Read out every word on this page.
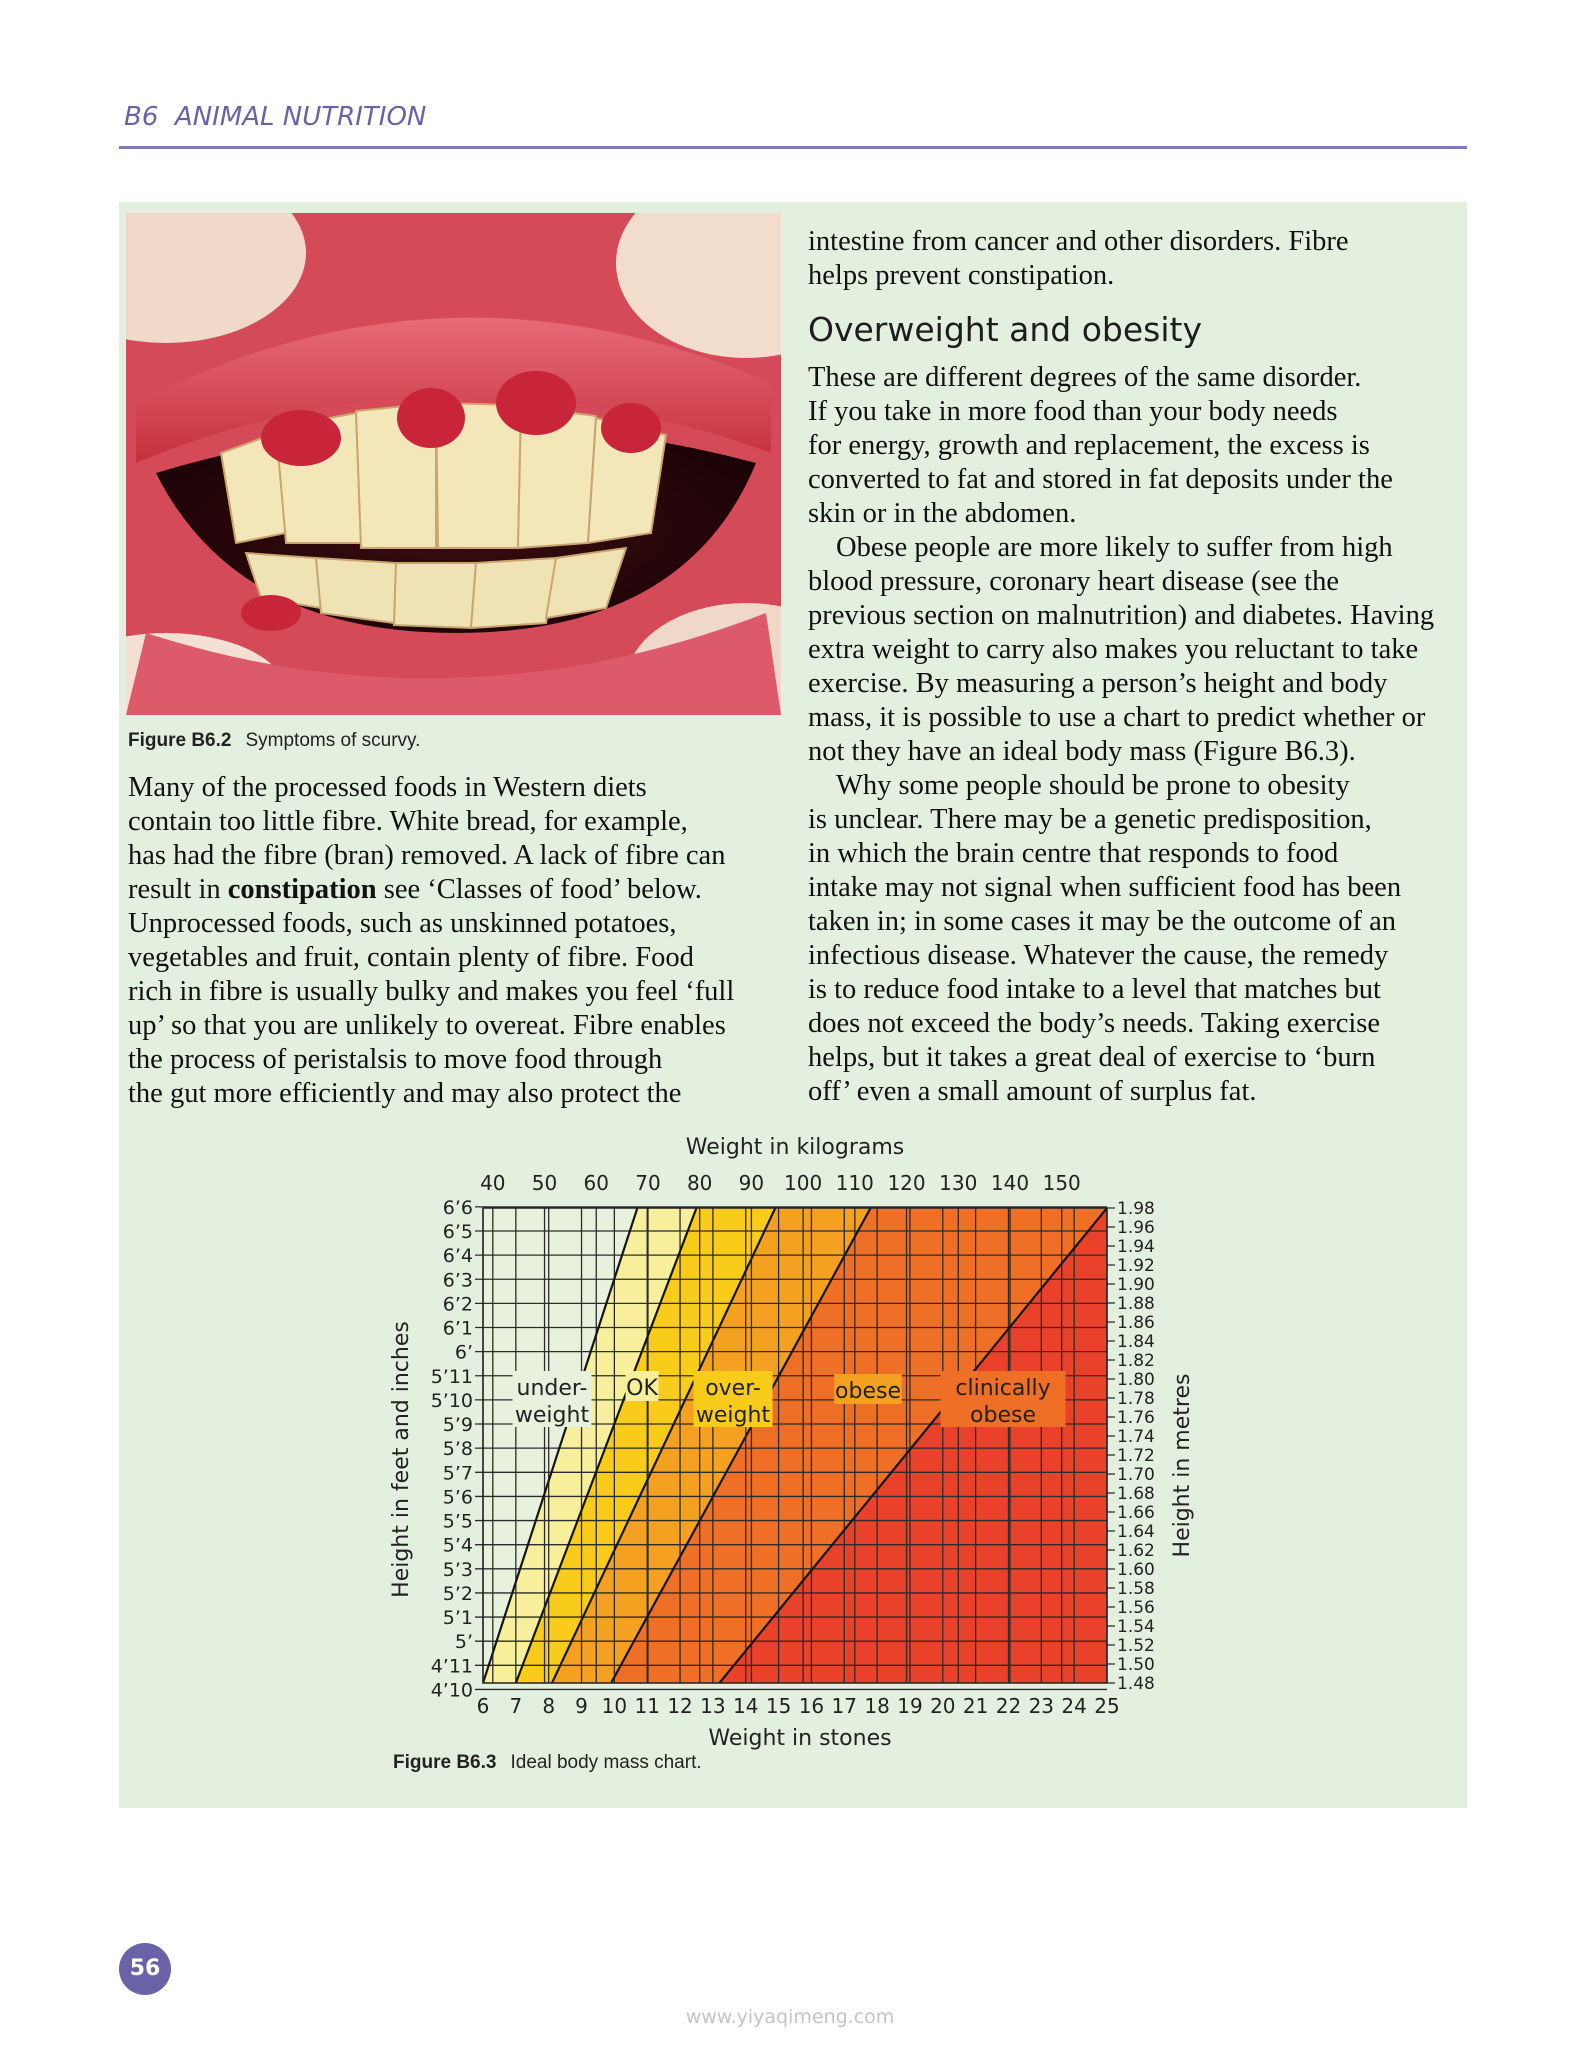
B6 ANIMAL NUTRITION
Figure B6.2 Symptoms of scurvy.
Many of the processed foods in Western diets
contain too little fibre. White bread, for example,
has had the fibre (bran) removed. A lack of fibre can
result in constipation see ‘Classes of food’ below.
Unprocessed foods, such as unskinned potatoes,
vegetables and fruit, contain plenty of fibre. Food
rich in fibre is usually bulky and makes you feel ‘full
up’ so that you are unlikely to overeat. Fibre enables
the process of peristalsis to move food through
the gut more efficiently and may also protect the
intestine from cancer and other disorders. Fibre
helps prevent constipation.
Overweight and obesity
These are different degrees of the same disorder.
If you take in more food than your body needs
for energy, growth and replacement, the excess is
converted to fat and stored in fat deposits under the
skin or in the abdomen.
Obese people are more likely to suffer from high
blood pressure, coronary heart disease (see the
previous section on malnutrition) and diabetes. Having
extra weight to carry also makes you reluctant to take
exercise. By measuring a person’s height and body
mass, it is possible to use a chart to predict whether or
not they have an ideal body mass (Figure B6.3).
Why some people should be prone to obesity
is unclear. There may be a genetic predisposition,
in which the brain centre that responds to food
intake may not signal when sufficient food has been
taken in; in some cases it may be the outcome of an
infectious disease. Whatever the cause, the remedy
is to reduce food intake to a level that matches but
does not exceed the body’s needs. Taking exercise
helps, but it takes a great deal of exercise to ‘burn
off’ even a small amount of surplus fat.
6 7 8 9 10 11 12 13 14 15 16 17 18 19 20 21 22 23 24 25
40 50 60 70 80 90 100 110 120 130 140 150
4’10
4’11
5’
5’1
5’2
5’3
5’4
5’5
5’6
5’7
5’8
5’9
5’10
5’11
6’
6’1
6’2
6’3
6’4
6’5
6’6
1.48
1.50
1.52
1.54
1.56
1.58
1.60
1.62
1.64
1.66
1.68
1.70
1.72
1.74
1.76
1.78
1.80
1.82
1.84
1.86
1.88
1.90
1.92
1.94
1.96
1.98
Weight in kilograms
Weight in stones
Height in feet and inches	Height in metres
under-
weight
OK over-
weight
obese clinically
obese
Figure B6.3 Ideal body mass chart.
56
www.yiyaqimeng.com
